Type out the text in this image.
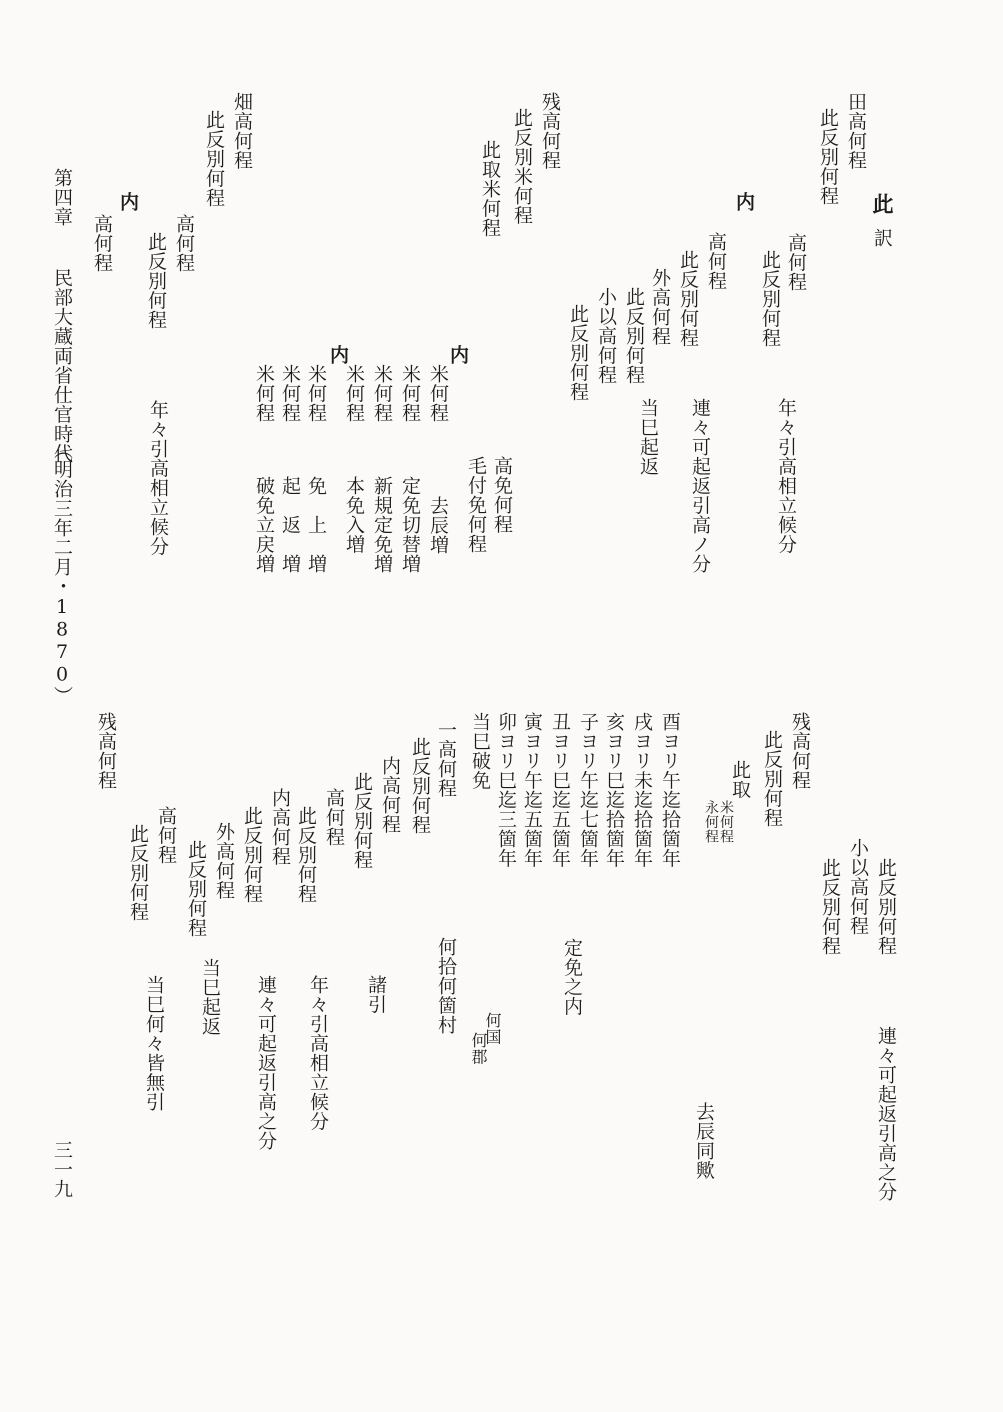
第四章
民部大蔵両省仕官時代
（明治三年二月・1870）
三一九
田高何程
此反別何程 此
訳
内
高何程
此反別何程
年々引高相立候分
高何程
此反別何程
外高何程
此反別何程
連々可起返引高ノ分
小以高何程
此反別何程
当巳起返
残高何程
此反別米何程
此取米何程
高免何程
毛付免何程
内
内
米何程
去辰増
米何程
定免切替増
米何程
新規定免増
米何程
本免入増
米何程
免　上　増
米何程
起　返　増
米何程
破免立戻増
畑高何程
此反別何程
内
高何程
此反別何程
年々引高相立候分
高何程
残高何程
此反別何程
此取
米何程
永何程
此反別何程
小以高何程
此反別何程
連々可起返引高之分
去辰同歟
酉ヨリ午迄拾箇年
戌ヨリ未迄拾箇年
亥ヨリ巳迄拾箇年
子ヨリ午迄七箇年
丑ヨリ巳迄五箇年
寅ヨリ午迄五箇年
卯ヨリ巳迄三箇年
定免之内
当巳破免
何国
何郡
一高何程
此反別何程
何拾何箇村
内高何程
此反別何程
諸引
高何程
此反別何程
年々引高相立候分
内高何程
此反別何程
連々可起返引高之分
外高何程
此反別何程
当巳起返
高何程
此反別何程
当巳何々皆無引
残高何程
